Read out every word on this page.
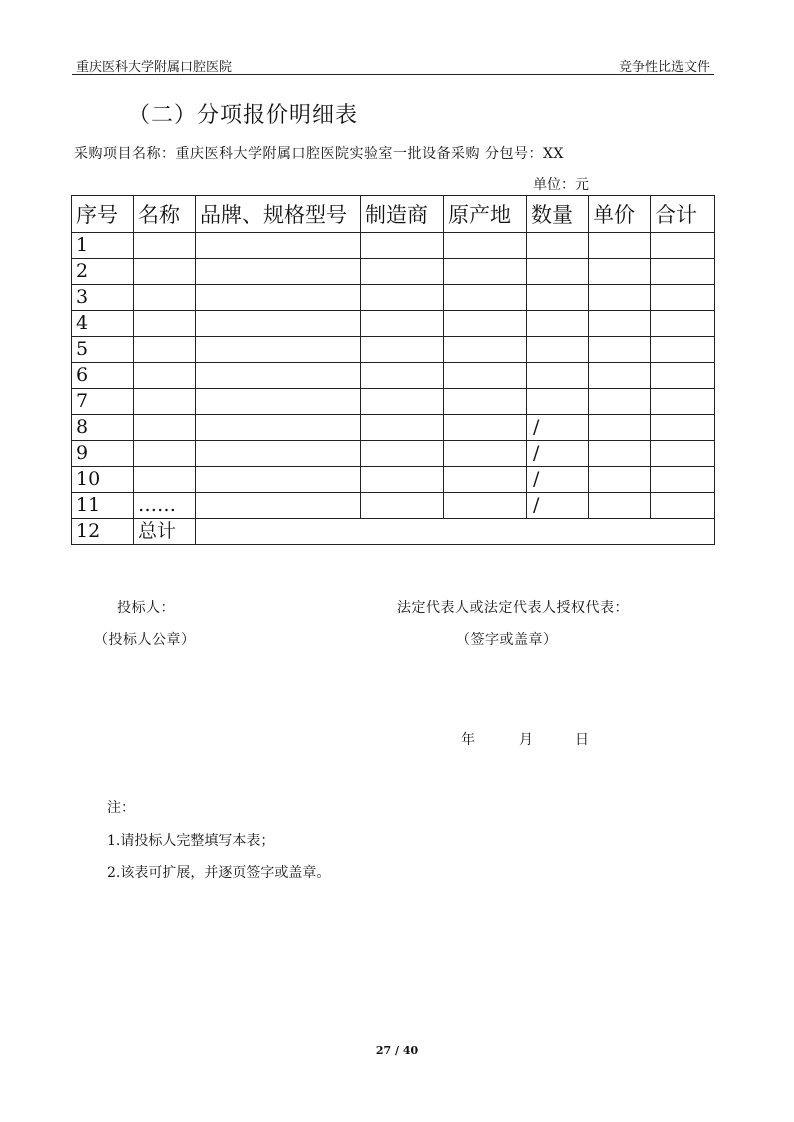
重庆医科大学附属口腔医院	竞争性比选文件
（二）分项报价明细表
采购项目名称：重庆医科大学附属口腔医院实验室一批设备采购 分包号：XX
单位：元
序号	名称	品牌、规格型号	制造商	原产地	数量	单价	合计
1							
2							
3							
4							
5							
6							
7							
8					/		
9					/		
10					/		
11	……				/		
12	总计						
投标人：
（投标人公章）
法定代表人或法定代表人授权代表：
（签字或盖章）
年	月	日
注：
1.请投标人完整填写本表；
2.该表可扩展，并逐页签字或盖章。
27 / 40
